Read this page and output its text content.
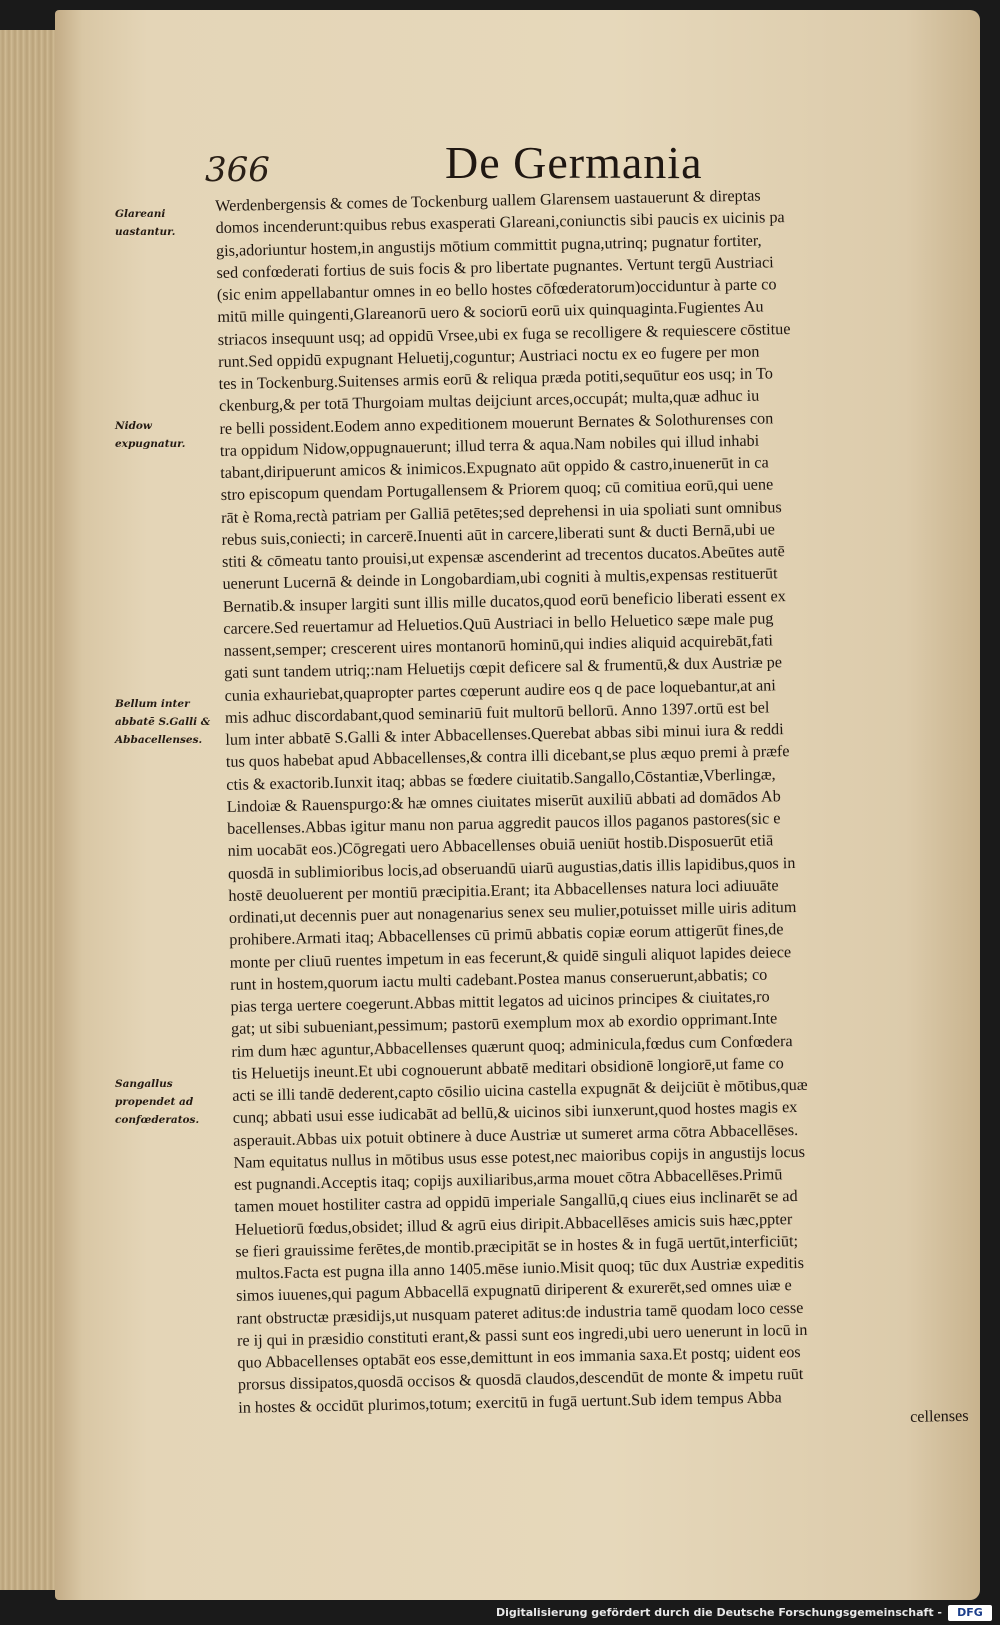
366	De Germania
Glareani uastantur.
Nidow expugnatur.
Bellum inter abbatē S.Galli & Abbacellenses.
Sangallus propendet ad confœderatos.
Werdenbergensis & comes de Tockenburg uallem Glarensem uastauerunt & direptas
domos incenderunt:quibus rebus exasperati Glareani,coniunctis sibi paucis ex uicinis pa
gis,adoriuntur hostem,in angustijs mōtium committit pugna,utrinq; pugnatur fortiter,
sed confœderati fortius de suis focis & pro libertate pugnantes. Vertunt tergū Austriaci
(sic enim appellabantur omnes in eo bello hostes cōfœderatorum)occiduntur à parte co
mitū mille quingenti,Glareanorū uero & sociorū eorū uix quinquaginta.Fugientes Au
striacos insequunt usq; ad oppidū Vrsee,ubi ex fuga se recolligere & requiescere cōstitue
runt.Sed oppidū expugnant Heluetij,coguntur; Austriaci noctu ex eo fugere per mon
tes in Tockenburg.Suitenses armis eorū & reliqua præda potiti,sequūtur eos usq; in To
ckenburg,& per totā Thurgoiam multas deijciunt arces,occupát; multa,quæ adhuc iu
re belli possident.Eodem anno expeditionem mouerunt Bernates & Solothurenses con
tra oppidum Nidow,oppugnauerunt; illud terra & aqua.Nam nobiles qui illud inhabi
tabant,diripuerunt amicos & inimicos.Expugnato aūt oppido & castro,inuenerūt in ca
stro episcopum quendam Portugallensem & Priorem quoq; cū comitiua eorū,qui uene
rāt è Roma,rectà patriam per Galliā petētes;sed deprehensi in uia spoliati sunt omnibus
rebus suis,coniecti; in carcerē.Inuenti aūt in carcere,liberati sunt & ducti Bernā,ubi ue
stiti & cōmeatu tanto prouisi,ut expensæ ascenderint ad trecentos ducatos.Abeūtes autē
uenerunt Lucernā & deinde in Longobardiam,ubi cogniti à multis,expensas restituerūt
Bernatib.& insuper largiti sunt illis mille ducatos,quod eorū beneficio liberati essent ex
carcere.Sed reuertamur ad Heluetios.Quū Austriaci in bello Heluetico sæpe male pug
nassent,semper; crescerent uires montanorū hominū,qui indies aliquid acquirebāt,fati
gati sunt tandem utriq;:nam Heluetijs cœpit deficere sal & frumentū,& dux Austriæ pe
cunia exhauriebat,quapropter partes cœperunt audire eos q de pace loquebantur,at ani
mis adhuc discordabant,quod seminariū fuit multorū bellorū. Anno 1397.ortū est bel
lum inter abbatē S.Galli & inter Abbacellenses.Querebat abbas sibi minui iura & reddi
tus quos habebat apud Abbacellenses,& contra illi dicebant,se plus æquo premi à præfe
ctis & exactorib.Iunxit itaq; abbas se fœdere ciuitatib.Sangallo,Cōstantiæ,Vberlingæ,
Lindoiæ & Rauenspurgo:& hæ omnes ciuitates miserūt auxiliū abbati ad domādos Ab
bacellenses.Abbas igitur manu non parua aggredit paucos illos paganos pastores(sic e
nim uocabāt eos.)Cōgregati uero Abbacellenses obuiā ueniūt hostib.Disposuerūt etiā
quosdā in sublimioribus locis,ad obseruandū uiarū augustias,datis illis lapidibus,quos in
hostē deuoluerent per montiū præcipitia.Erant; ita Abbacellenses natura loci adiuuāte
ordinati,ut decennis puer aut nonagenarius senex seu mulier,potuisset mille uiris aditum
prohibere.Armati itaq; Abbacellenses cū primū abbatis copiæ eorum attigerūt fines,de
monte per cliuū ruentes impetum in eas fecerunt,& quidē singuli aliquot lapides deiece
runt in hostem,quorum iactu multi cadebant.Postea manus conseruerunt,abbatis; co
pias terga uertere coegerunt.Abbas mittit legatos ad uicinos principes & ciuitates,ro
gat; ut sibi subueniant,pessimum; pastorū exemplum mox ab exordio opprimant.Inte
rim dum hæc aguntur,Abbacellenses quærunt quoq; adminicula,fœdus cum Confœdera
tis Heluetijs ineunt.Et ubi cognouerunt abbatē meditari obsidionē longiorē,ut fame co
acti se illi tandē dederent,capto cōsilio uicina castella expugnāt & deijciūt è mōtibus,quæ
cunq; abbati usui esse iudicabāt ad bellū,& uicinos sibi iunxerunt,quod hostes magis ex
asperauit.Abbas uix potuit obtinere à duce Austriæ ut sumeret arma cōtra Abbacellēses.
Nam equitatus nullus in mōtibus usus esse potest,nec maioribus copijs in angustijs locus
est pugnandi.Acceptis itaq; copijs auxiliaribus,arma mouet cōtra Abbacellēses.Primū
tamen mouet hostiliter castra ad oppidū imperiale Sangallū,q ciues eius inclinarēt se ad
Heluetiorū fœdus,obsidet; illud & agrū eius diripit.Abbacellēses amicis suis hæc,ppter
se fieri grauissime ferētes,de montib.præcipitāt se in hostes & in fugā uertūt,interficiūt;
multos.Facta est pugna illa anno 1405.mēse iunio.Misit quoq; tūc dux Austriæ expeditis
simos iuuenes,qui pagum Abbacellā expugnatū diriperent & exurerēt,sed omnes uiæ e
rant obstructæ præsidijs,ut nusquam pateret aditus:de industria tamē quodam loco cesse
re ij qui in præsidio constituti erant,& passi sunt eos ingredi,ubi uero uenerunt in locū in
quo Abbacellenses optabāt eos esse,demittunt in eos immania saxa.Et postq; uident eos
prorsus dissipatos,quosdā occisos & quosdā claudos,descendūt de monte & impetu ruūt
in hostes & occidūt plurimos,totum; exercitū in fugā uertunt.Sub idem tempus Abba	cellenses
Digitalisierung gefördert durch die Deutsche Forschungsgemeinschaft -	DFG
